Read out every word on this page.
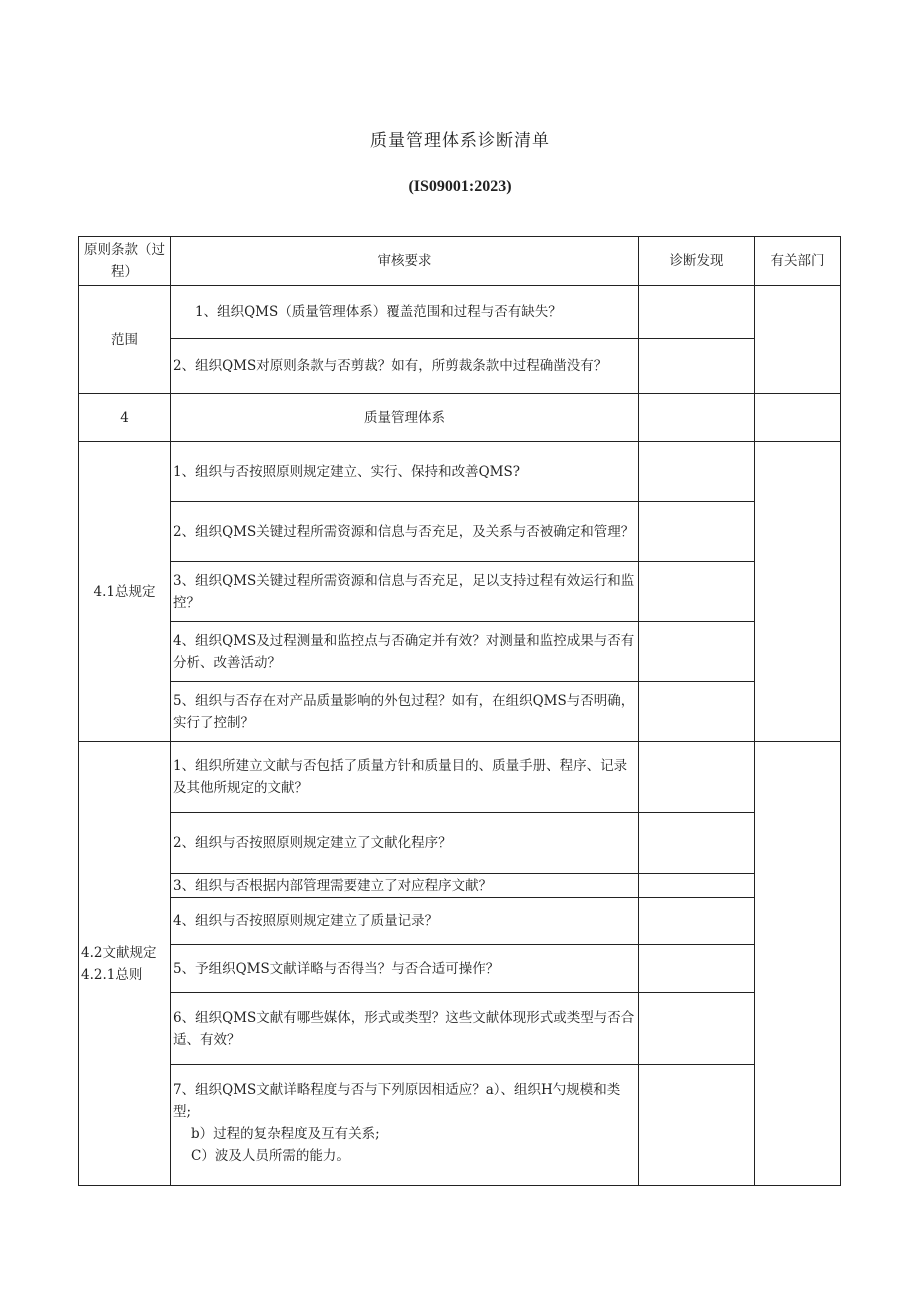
质量管理体系诊断清单
(IS09001:2023)
原则条款（过程）	审核要求	诊断发现	有关部门
范围	1、组织QMS（质量管理体系）覆盖范围和过程与否有缺失？		
	2、组织QMS对原则条款与否剪裁？如有，所剪裁条款中过程确凿没有？		
4	质量管理体系		
4.1总规定	1、组织与否按照原则规定建立、实行、保持和改善QMS?		
	2、组织QMS关键过程所需资源和信息与否充足，及关系与否被确定和管理？		
	3、组织QMS关键过程所需资源和信息与否充足，足以支持过程有效运行和监控？		
	4、组织QMS及过程测量和监控点与否确定并有效？对测量和监控成果与否有分析、改善活动？		
	5、组织与否存在对产品质量影响的外包过程？如有，在组织QMS与否明确，实行了控制？		

4.2文献规定
4.2.1总则	1、组织所建立文献与否包括了质量方针和质量目的、质量手册、程序、记录及其他所规定的文献？		
	2、组织与否按照原则规定建立了文献化程序？		
	3、组织与否根据内部管理需要建立了对应程序文献？		
	4、组织与否按照原则规定建立了质量记录？		
	5、予组织QMS文献详略与否得当？与否合适可操作？		
	6、组织QMS文献有哪些媒体，形式或类型？这些文献体现形式或类型与否合适、有效？		

	7、组织QMS文献详略程度与否与下列原因相适应？a）、组织H勺规模和类型;
b）过程的复杂程度及互有关系;
C）波及人员所需的能力。		
